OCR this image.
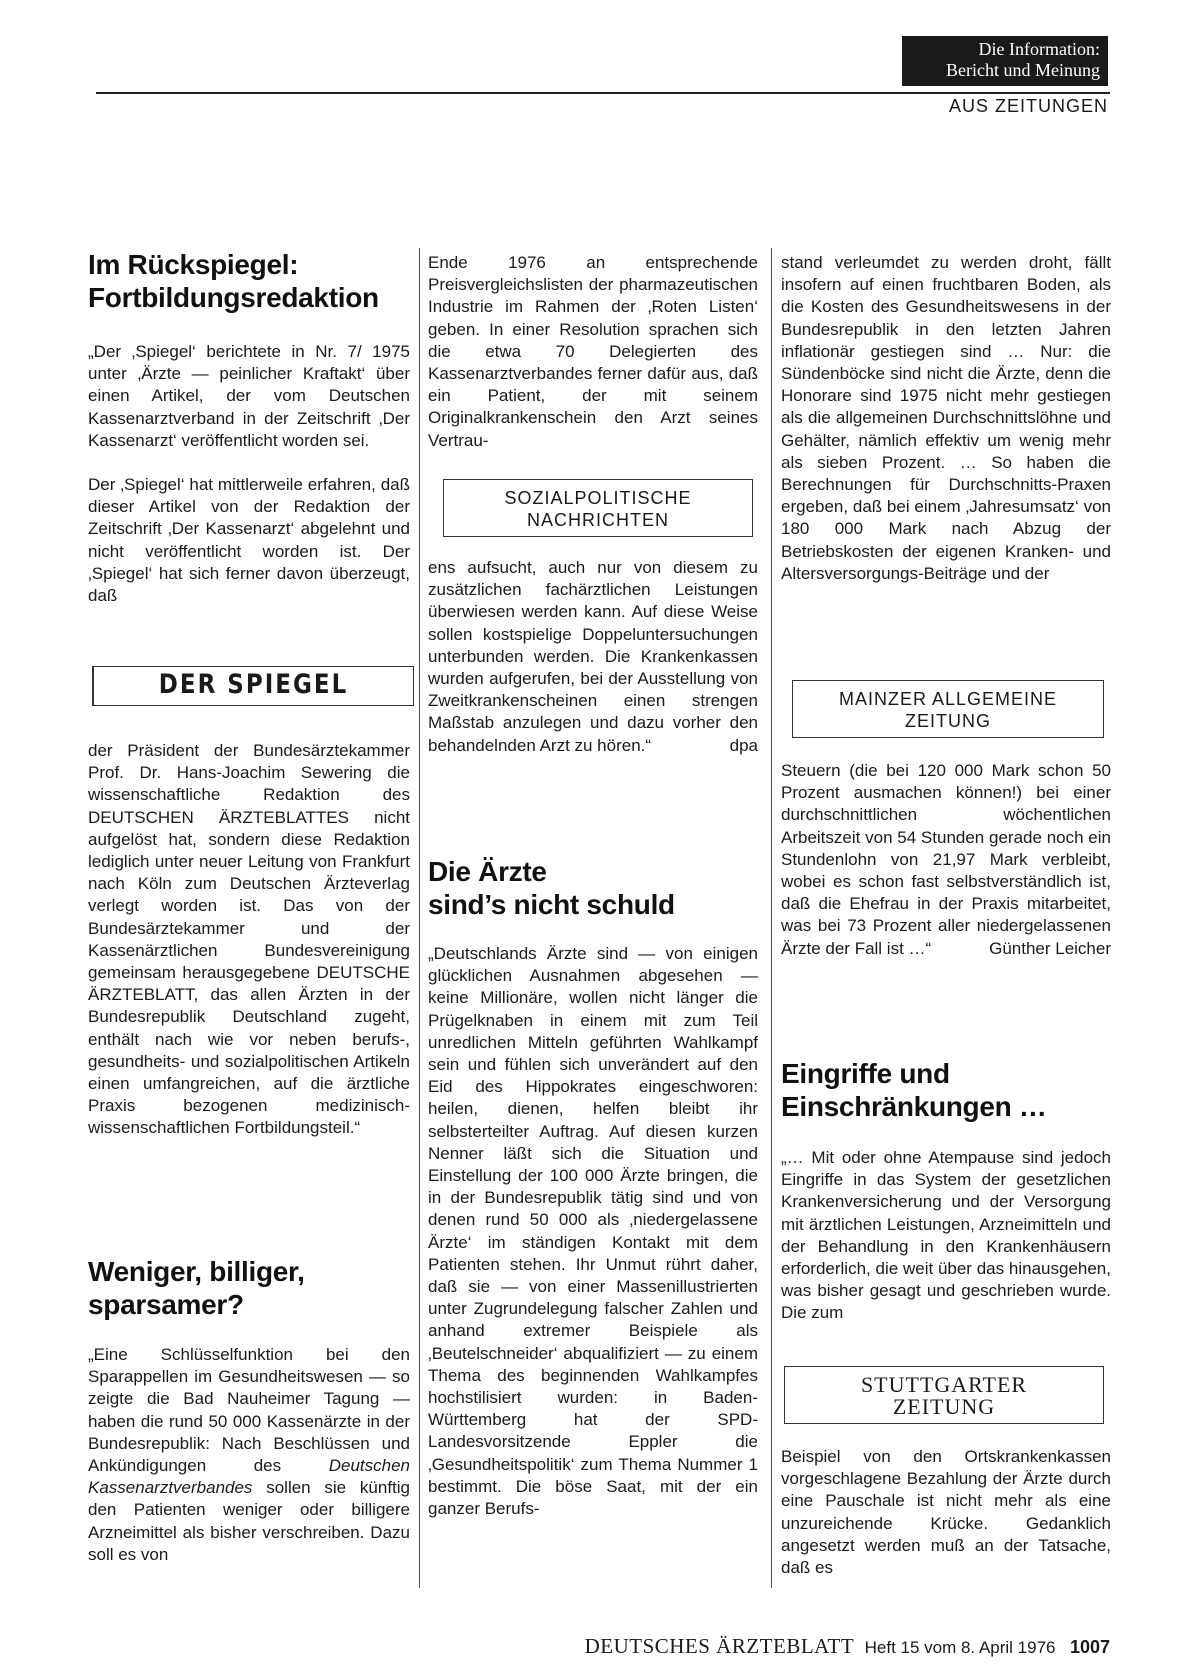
Die Information:
Bericht und Meinung
AUS ZEITUNGEN
Im Rückspiegel:
Fortbildungsredaktion

„Der ‚Spiegel‘ berichtete in Nr. 7/ 1975 unter ‚Ärzte — peinlicher Kraftakt‘ über einen Artikel, der vom Deutschen Kassenarztverband in der Zeitschrift ‚Der Kassenarzt‘ veröffentlicht worden sei.

Der ‚Spiegel‘ hat mittlerweile erfahren, daß dieser Artikel von der Redaktion der Zeitschrift ‚Der Kassenarzt‘ abgelehnt und nicht veröffentlicht worden ist. Der ‚Spiegel‘ hat sich ferner davon überzeugt, daß

DER SPIEGEL

der Präsident der Bundesärztekammer Prof. Dr. Hans-Joachim Sewering die wissenschaftliche Redaktion des DEUTSCHEN ÄRZTEBLATTES nicht aufgelöst hat, sondern diese Redaktion lediglich unter neuer Leitung von Frankfurt nach Köln zum Deutschen Ärzteverlag verlegt worden ist. Das von der Bundesärztekammer und der Kassenärztlichen Bundesvereinigung gemeinsam herausgegebene DEUTSCHE ÄRZTEBLATT, das allen Ärzten in der Bundesrepublik Deutschland zugeht, enthält nach wie vor neben berufs-, gesundheits- und sozialpolitischen Artikeln einen umfangreichen, auf die ärztliche Praxis bezogenen medizinisch-wissenschaftlichen Fortbildungsteil.“

Weniger, billiger,
sparsamer?

„Eine Schlüsselfunktion bei den Sparappellen im Gesundheitswesen — so zeigte die Bad Nauheimer Tagung — haben die rund 50 000 Kassenärzte in der Bundesrepublik: Nach Beschlüssen und Ankündigungen des Deutschen Kassenarztverbandes sollen sie künftig den Patienten weniger oder billigere Arzneimittel als bisher verschreiben. Dazu soll es von

Ende 1976 an entsprechende Preisvergleichslisten der pharmazeutischen Industrie im Rahmen der ‚Roten Listen‘ geben. In einer Resolution sprachen sich die etwa 70 Delegierten des Kassenarztverbandes ferner dafür aus, daß ein Patient, der mit seinem Originalkrankenschein den Arzt seines Vertrau-

SOZIALPOLITISCHE
NACHRICHTEN

ens aufsucht, auch nur von diesem zu zusätzlichen fachärztlichen Leistungen überwiesen werden kann. Auf diese Weise sollen kostspielige Doppeluntersuchungen unterbunden werden. Die Krankenkassen wurden aufgerufen, bei der Ausstellung von Zweitkrankenscheinen einen strengen Maßstab anzulegen und dazu vorher den behandelnden Arzt zu hören.“	dpa

Die Ärzte
sind’s nicht schuld

„Deutschlands Ärzte sind — von einigen glücklichen Ausnahmen abgesehen — keine Millionäre, wollen nicht länger die Prügelknaben in einem mit zum Teil unredlichen Mitteln geführten Wahlkampf sein und fühlen sich unverändert auf den Eid des Hippokrates eingeschworen: heilen, dienen, helfen bleibt ihr selbsterteilter Auftrag. Auf diesen kurzen Nenner läßt sich die Situation und Einstellung der 100 000 Ärzte bringen, die in der Bundesrepublik tätig sind und von denen rund 50 000 als ‚niedergelassene Ärzte‘ im ständigen Kontakt mit dem Patienten stehen. Ihr Unmut rührt daher, daß sie — von einer Massenillustrierten unter Zugrundelegung falscher Zahlen und anhand extremer Beispiele als ‚Beutelschneider‘ abqualifiziert — zu einem Thema des beginnenden Wahlkampfes hochstilisiert wurden: in Baden-Württemberg hat der SPD-Landesvorsitzende Eppler die ‚Gesundheitspolitik‘ zum Thema Nummer 1 bestimmt. Die böse Saat, mit der ein ganzer Berufs-

stand verleumdet zu werden droht, fällt insofern auf einen fruchtbaren Boden, als die Kosten des Gesundheitswesens in der Bundesrepublik in den letzten Jahren inflationär gestiegen sind … Nur: die Sündenböcke sind nicht die Ärzte, denn die Honorare sind 1975 nicht mehr gestiegen als die allgemeinen Durchschnittslöhne und Gehälter, nämlich effektiv um wenig mehr als sieben Prozent. … So haben die Berechnungen für Durchschnitts-Praxen ergeben, daß bei einem ‚Jahresumsatz‘ von 180 000 Mark nach Abzug der Betriebskosten der eigenen Kranken- und Altersversorgungs-Beiträge und der

MAINZER ALLGEMEINE
ZEITUNG

Steuern (die bei 120 000 Mark schon 50 Prozent ausmachen können!) bei einer durchschnittlichen wöchentlichen Arbeitszeit von 54 Stunden gerade noch ein Stundenlohn von 21,97 Mark verbleibt, wobei es schon fast selbstverständlich ist, daß die Ehefrau in der Praxis mitarbeitet, was bei 73 Prozent aller niedergelassenen Ärzte der Fall ist …“	Günther Leicher

Eingriffe und
Einschränkungen …

„… Mit oder ohne Atempause sind jedoch Eingriffe in das System der gesetzlichen Krankenversicherung und der Versorgung mit ärztlichen Leistungen, Arzneimitteln und der Behandlung in den Krankenhäusern erforderlich, die weit über das hinausgehen, was bisher gesagt und geschrieben wurde. Die zum

STUTTGARTER
ZEITUNG

Beispiel von den Ortskrankenkassen vorgeschlagene Bezahlung der Ärzte durch eine Pauschale ist nicht mehr als eine unzureichende Krücke. Gedanklich angesetzt werden muß an der Tatsache, daß es

DEUTSCHES ÄRZTEBLATT Heft 15 vom 8. April 1976 1007
